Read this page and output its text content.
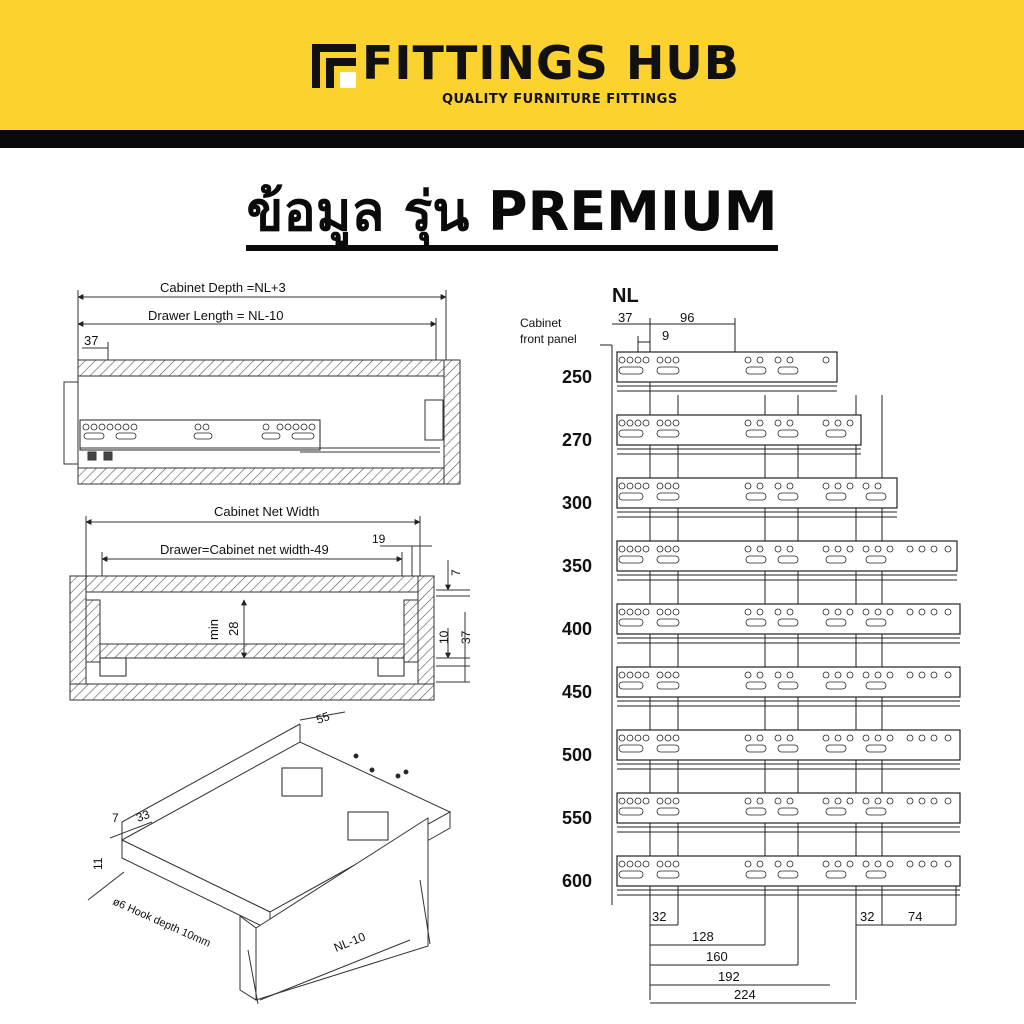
FITTINGS HUB
QUALITY FURNITURE FITTINGS
ข้อมูล รุ่น PREMIUM
Cabinet Depth =NL+3
Drawer Length = NL-10
37
Cabinet Net Width
Drawer=Cabinet net width-49
19
7
min 28
10 37
55
33
7
11
ø6 Hook depth 10mm	NL-10
NL
Cabinet
front panel
37
9
96
250
270
300
350
400
450
500
550
600
32
128
160
192
224
32	74
